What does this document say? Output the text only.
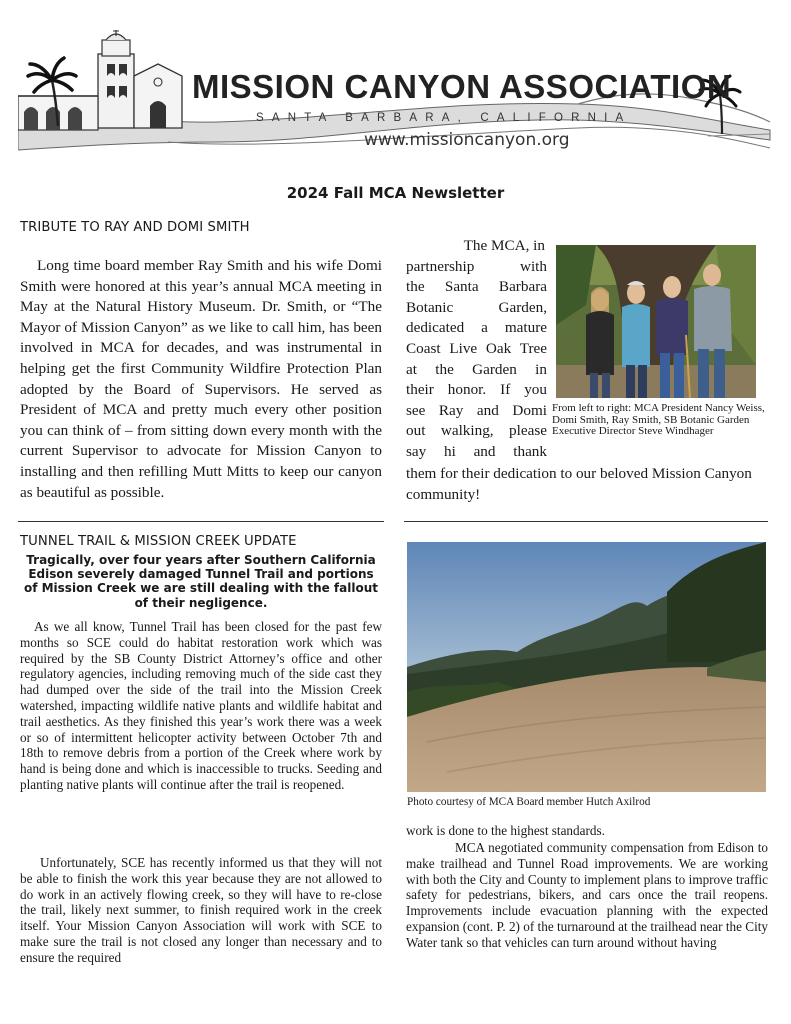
MISSION CANYON ASSOCIATION
SANTA BARBARA, CALIFORNIA
www.missioncanyon.org
2024 Fall MCA Newsletter
TRIBUTE TO RAY AND DOMI SMITH
Long time board member Ray Smith and his wife Domi Smith were honored at this year’s annual MCA meeting in May at the Natural History Museum. Dr. Smith, or “The Mayor of Mission Canyon” as we like to call him, has been involved in MCA for decades, and was instrumental in helping get the first Community Wildfire Protection Plan adopted by the Board of Supervisors. He served as President of MCA and pretty much every other position you can think of – from sitting down every month with the current Supervisor to advocate for Mission Canyon to installing and then refilling Mutt Mitts to keep our canyon as beautiful as possible.
The MCA, in
partnership with
the Santa Barbara
Botanic Garden,
dedicated a mature
Coast Live Oak Tree
at the Garden in
their honor. If you
see Ray and Domi
out walking, please
say hi and thank
them for their dedication to our beloved Mission Canyon community!
From left to right: MCA President Nancy Weiss, Domi Smith, Ray Smith, SB Botanic Garden Executive Director Steve Windhager
TUNNEL TRAIL & MISSION CREEK UPDATE
Tragically, over four years after Southern California Edison severely damaged Tunnel Trail and portions of Mission Creek we are still dealing with the fallout of their negligence.
As we all know, Tunnel Trail has been closed for the past few months so SCE could do habitat restoration work which was required by the SB County District Attorney’s office and other regulatory agencies, including removing much of the side cast they had dumped over the side of the trail into the Mission Creek watershed, impacting wildlife native plants and wildlife habitat and trail aesthetics. As they finished this year’s work there was a week or so of intermittent helicopter activity between October 7th and 18th to remove debris from a portion of the Creek where work by hand is being done and which is inaccessible to trucks. Seeding and planting native plants will continue after the trail is reopened.
Unfortunately, SCE has recently informed us that they will not be able to finish the work this year because they are not allowed to do work in an actively flowing creek, so they will have to re-close the trail, likely next summer, to finish required work in the creek itself. Your Mission Canyon Association will work with SCE to make sure the trail is not closed any longer than necessary and to ensure the required
Photo courtesy of MCA Board member Hutch Axilrod
work is done to the highest standards.
MCA negotiated community compensation from Edison to make trailhead and Tunnel Road improvements. We are working with both the City and County to implement plans to improve traffic safety for pedestrians, bikers, and cars once the trail reopens. Improvements include evacuation planning with the expected expansion (cont. P. 2) of the turnaround at the trailhead near the City Water tank so that vehicles can turn around without having
